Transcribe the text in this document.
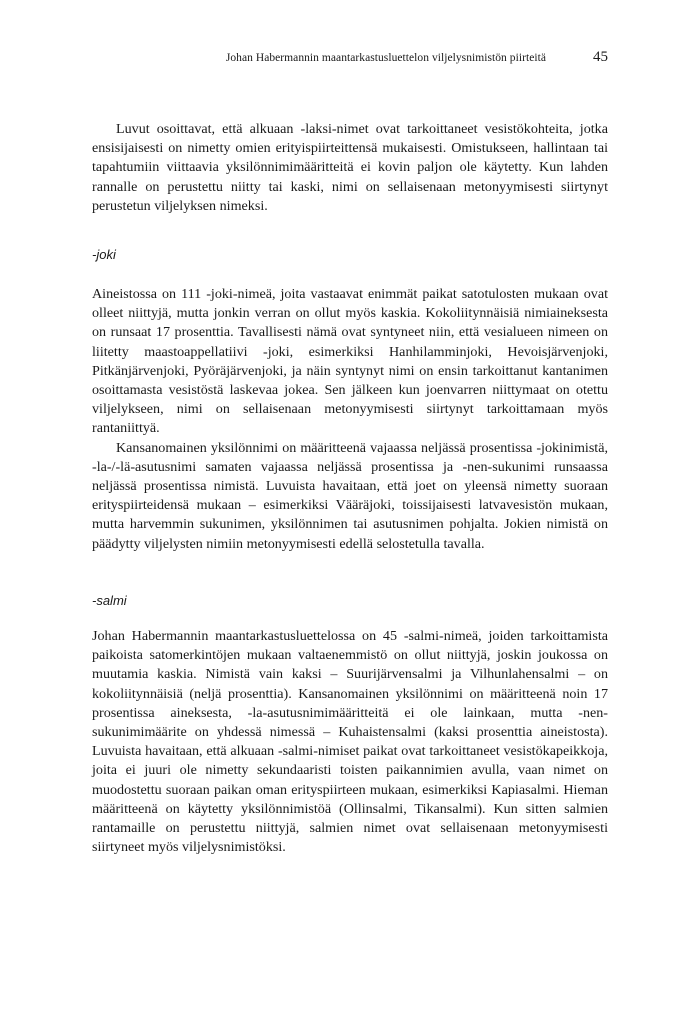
Johan Habermannin maantarkastusluettelon viljelysnimistön piirteitä	45

Luvut osoittavat, että alkuaan -laksi-nimet ovat tarkoittaneet vesistökohteita, jotka ensisijaisesti on nimetty omien erityispiirteittensä mukaisesti. Omistukseen, hallintaan tai tapahtumiin viittaavia yksilönnimimääritteitä ei kovin paljon ole käytetty. Kun lahden rannalle on perustettu niitty tai kaski, nimi on sellaisenaan metonyymisesti siirtynyt perustetun viljelyksen nimeksi.

-joki

Aineistossa on 111 -joki-nimeä, joita vastaavat enimmät paikat satotulosten mukaan ovat olleet niittyjä, mutta jonkin verran on ollut myös kaskia. Kokoliitynnäisiä nimiaineksesta on runsaat 17 prosenttia. Tavallisesti nämä ovat syntyneet niin, että vesialueen nimeen on liitetty maastoappellatiivi -joki, esimerkiksi Hanhilamminjoki, Hevoisjärvenjoki, Pitkänjärvenjoki, Pyöräjärvenjoki, ja näin syntynyt nimi on ensin tarkoittanut kantanimen osoittamasta vesistöstä laskevaa jokea. Sen jälkeen kun joenvarren niittymaat on otettu viljelykseen, nimi on sellaisenaan metonyymisesti siirtynyt tarkoittamaan myös rantaniittyä.

Kansanomainen yksilönnimi on määritteenä vajaassa neljässä prosentissa -jokinimistä, -la-/-lä-asutusnimi samaten vajaassa neljässä prosentissa ja -nen-sukunimi runsaassa neljässä prosentissa nimistä. Luvuista havaitaan, että joet on yleensä nimetty suoraan erityspiirteidensä mukaan – esimerkiksi Vääräjoki, toissijaisesti latvavesistön mukaan, mutta harvemmin sukunimen, yksilönnimen tai asutusnimen pohjalta. Jokien nimistä on päädytty viljelysten nimiin metonyymisesti edellä selostetulla tavalla.

-salmi

Johan Habermannin maantarkastusluettelossa on 45 -salmi-nimeä, joiden tarkoittamista paikoista satomerkintöjen mukaan valtaenemmistö on ollut niittyjä, joskin joukossa on muutamia kaskia. Nimistä vain kaksi – Suurijärvensalmi ja Vilhunlahensalmi – on kokoliitynnäisiä (neljä prosenttia). Kansanomainen yksilönnimi on määritteenä noin 17 prosentissa aineksesta, -la-asutusnimimääritteitä ei ole lainkaan, mutta -nen-sukunimimäärite on yhdessä nimessä – Kuhaistensalmi (kaksi prosenttia aineistosta). Luvuista havaitaan, että alkuaan -salmi-nimiset paikat ovat tarkoittaneet vesistökapeikkoja, joita ei juuri ole nimetty sekundaaristi toisten paikannimien avulla, vaan nimet on muodostettu suoraan paikan oman erityspiirteen mukaan, esimerkiksi Kapiasalmi. Hieman määritteenä on käytetty yksilönnimistöä (Ollinsalmi, Tikansalmi). Kun sitten salmien rantamaille on perustettu niittyjä, salmien nimet ovat sellaisenaan metonyymisesti siirtyneet myös viljelysnimistöksi.
